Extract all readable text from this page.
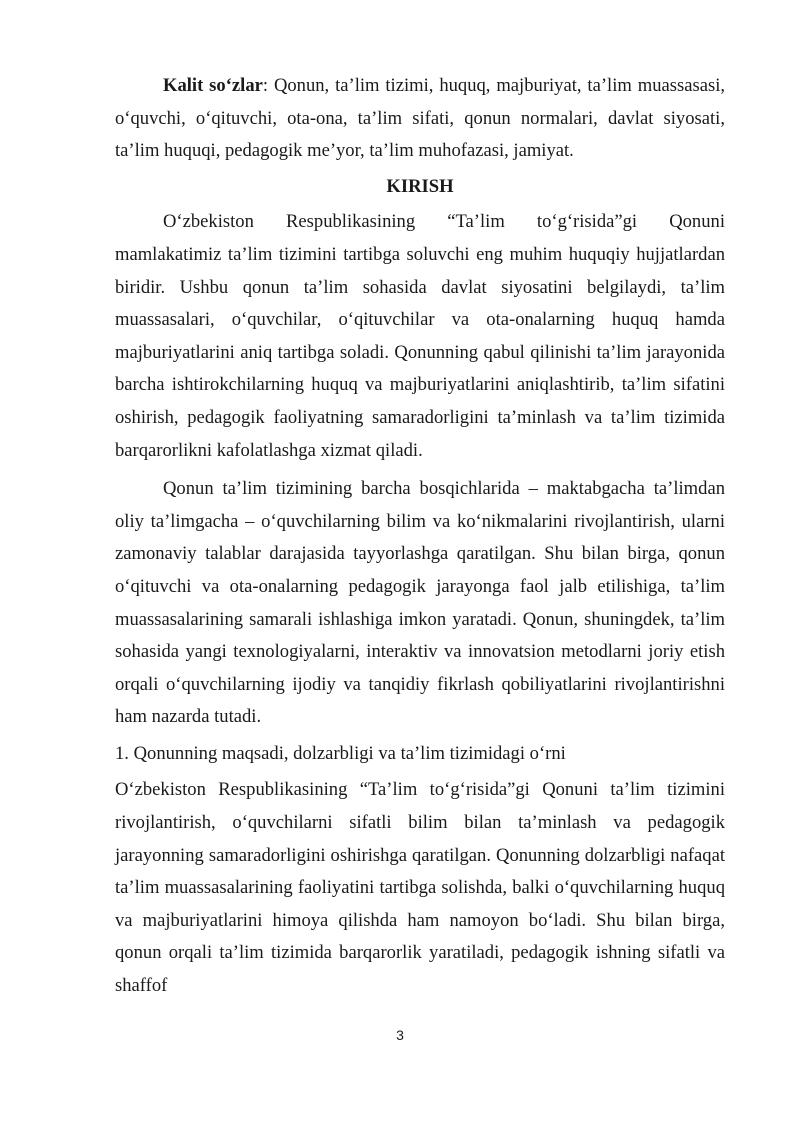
Kalit so‘zlar: Qonun, ta’lim tizimi, huquq, majburiyat, ta’lim muassasasi, o‘quvchi, o‘qituvchi, ota-ona, ta’lim sifati, qonun normalari, davlat siyosati, ta’lim huquqi, pedagogik me’yor, ta’lim muhofazasi, jamiyat.

KIRISH

O‘zbekiston Respublikasining “Ta’lim to‘g‘risida”gi Qonuni mamlakatimiz ta’lim tizimini tartibga soluvchi eng muhim huquqiy hujjatlardan biridir. Ushbu qonun ta’lim sohasida davlat siyosatini belgilaydi, ta’lim muassasalari, o‘quvchilar, o‘qituvchilar va ota-onalarning huquq hamda majburiyatlarini aniq tartibga soladi. Qonunning qabul qilinishi ta’lim jarayonida barcha ishtirokchilarning huquq va majburiyatlarini aniqlashtirib, ta’lim sifatini oshirish, pedagogik faoliyatning samaradorligini ta’minlash va ta’lim tizimida barqarorlikni kafolatlashga xizmat qiladi.

Qonun ta’lim tizimining barcha bosqichlarida – maktabgacha ta’limdan oliy ta’limgacha – o‘quvchilarning bilim va ko‘nikmalarini rivojlantirish, ularni zamonaviy talablar darajasida tayyorlashga qaratilgan. Shu bilan birga, qonun o‘qituvchi va ota-onalarning pedagogik jarayonga faol jalb etilishiga, ta’lim muassasalarining samarali ishlashiga imkon yaratadi. Qonun, shuningdek, ta’lim sohasida yangi texnologiyalarni, interaktiv va innovatsion metodlarni joriy etish orqali o‘quvchilarning ijodiy va tanqidiy fikrlash qobiliyatlarini rivojlantirishni ham nazarda tutadi.

1. Qonunning maqsadi, dolzarbligi va ta’lim tizimidagi o‘rni

O‘zbekiston Respublikasining “Ta’lim to‘g‘risida”gi Qonuni ta’lim tizimini rivojlantirish, o‘quvchilarni sifatli bilim bilan ta’minlash va pedagogik jarayonning samaradorligini oshirishga qaratilgan. Qonunning dolzarbligi nafaqat ta’lim muassasalarining faoliyatini tartibga solishda, balki o‘quvchilarning huquq va majburiyatlarini himoya qilishda ham namoyon bo‘ladi. Shu bilan birga, qonun orqali ta’lim tizimida barqarorlik yaratiladi, pedagogik ishning sifatli va shaffof

3
